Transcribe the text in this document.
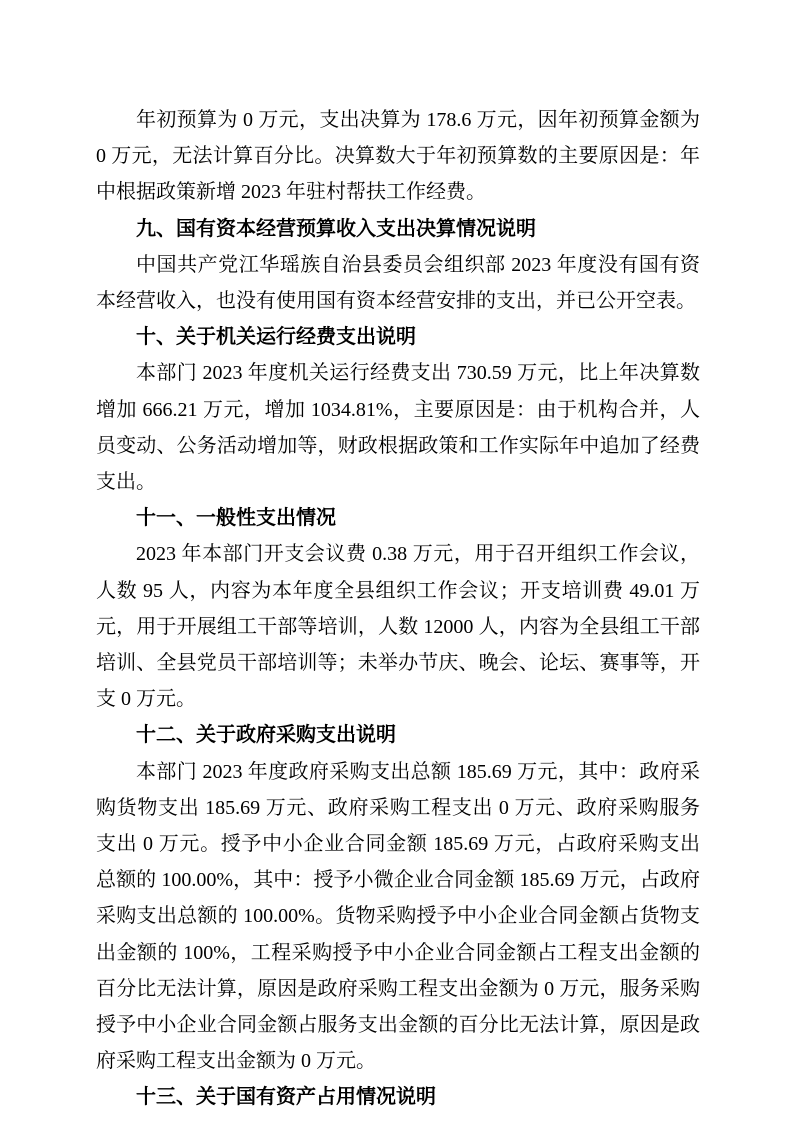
年初预算为 0 万元，支出决算为 178.6 万元，因年初预算金额为 0 万元，无法计算百分比。决算数大于年初预算数的主要原因是：年中根据政策新增 2023 年驻村帮扶工作经费。

九、国有资本经营预算收入支出决算情况说明

中国共产党江华瑶族自治县委员会组织部 2023 年度没有国有资本经营收入，也没有使用国有资本经营安排的支出，并已公开空表。

十、关于机关运行经费支出说明

本部门 2023 年度机关运行经费支出 730.59 万元，比上年决算数增加 666.21 万元，增加 1034.81%，主要原因是：由于机构合并，人员变动、公务活动增加等，财政根据政策和工作实际年中追加了经费支出。

十一、一般性支出情况

2023 年本部门开支会议费 0.38 万元，用于召开组织工作会议，人数 95 人，内容为本年度全县组织工作会议；开支培训费 49.01 万元，用于开展组工干部等培训，人数 12000 人，内容为全县组工干部培训、全县党员干部培训等；未举办节庆、晚会、论坛、赛事等，开支 0 万元。

十二、关于政府采购支出说明

本部门 2023 年度政府采购支出总额 185.69 万元，其中：政府采购货物支出 185.69 万元、政府采购工程支出 0 万元、政府采购服务支出 0 万元。授予中小企业合同金额 185.69 万元，占政府采购支出总额的 100.00%，其中：授予小微企业合同金额 185.69 万元，占政府采购支出总额的 100.00%。货物采购授予中小企业合同金额占货物支出金额的 100%，工程采购授予中小企业合同金额占工程支出金额的百分比无法计算，原因是政府采购工程支出金额为 0 万元，服务采购授予中小企业合同金额占服务支出金额的百分比无法计算，原因是政府采购工程支出金额为 0 万元。

十三、关于国有资产占用情况说明
